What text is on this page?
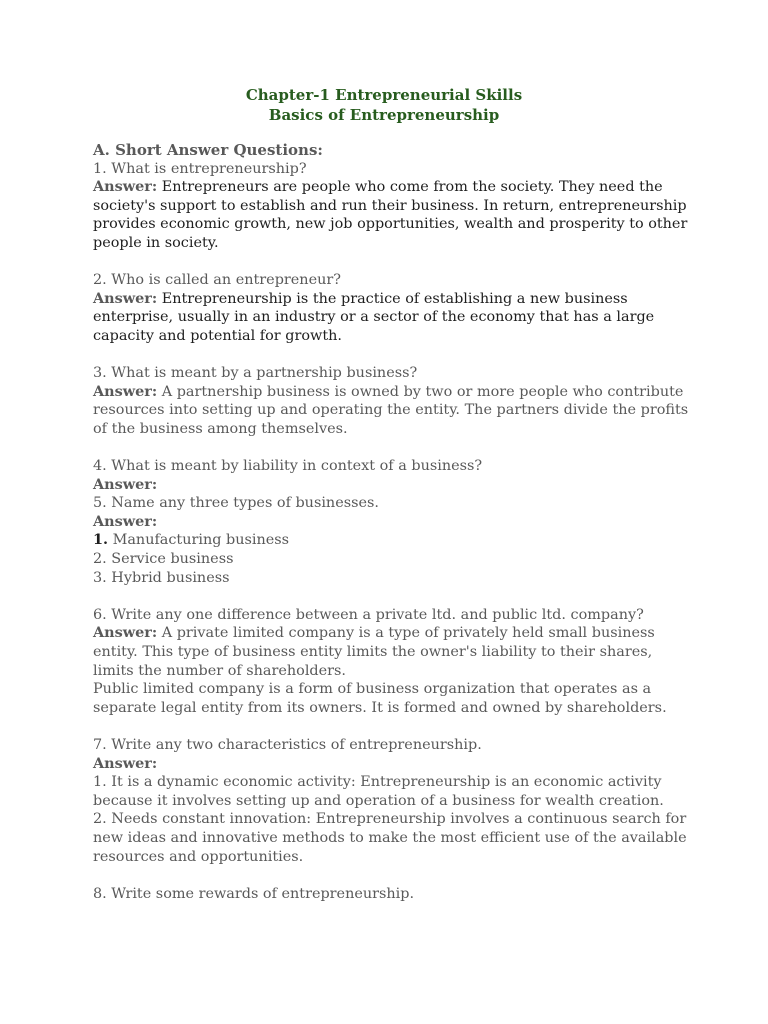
Chapter-1 Entrepreneurial Skills
Basics of Entrepreneurship

A. Short Answer Questions:

1. What is entrepreneurship?

Answer: Entrepreneurs are people who come from the society. They need the society's support to establish and run their business. In return, entrepreneurship provides economic growth, new job opportunities, wealth and prosperity to other people in society.

2. Who is called an entrepreneur?

Answer: Entrepreneurship is the practice of establishing a new business enterprise, usually in an industry or a sector of the economy that has a large capacity and potential for growth.

3. What is meant by a partnership business?

Answer: A partnership business is owned by two or more people who contribute resources into setting up and operating the entity. The partners divide the profits of the business among themselves.

4. What is meant by liability in context of a business?

Answer:

5. Name any three types of businesses.

Answer:

1. Manufacturing business

2. Service business

3. Hybrid business

6. Write any one difference between a private ltd. and public ltd. company?

Answer: A private limited company is a type of privately held small business entity. This type of business entity limits the owner's liability to their shares, limits the number of shareholders.

Public limited company is a form of business organization that operates as a separate legal entity from its owners. It is formed and owned by shareholders.

7. Write any two characteristics of entrepreneurship.

Answer:

1. It is a dynamic economic activity: Entrepreneurship is an economic activity because it involves setting up and operation of a business for wealth creation.

2. Needs constant innovation: Entrepreneurship involves a continuous search for new ideas and innovative methods to make the most efficient use of the available resources and opportunities.

8. Write some rewards of entrepreneurship.
